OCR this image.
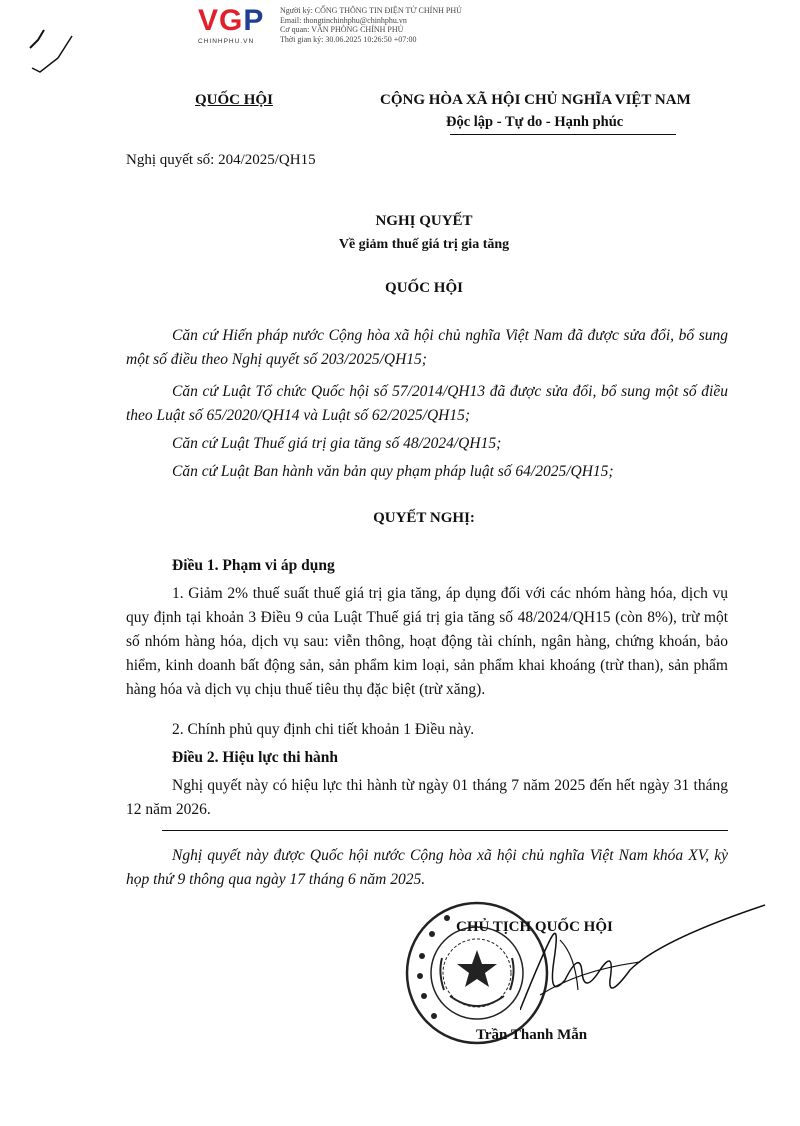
VGP
CHINHPHU.VN
Người ký: CỔNG THÔNG TIN ĐIỆN TỬ CHÍNH PHỦ
Email: thongtinchinhphu@chinhphu.vn
Cơ quan: VĂN PHÒNG CHÍNH PHỦ
Thời gian ký: 30.06.2025 10:26:50 +07:00
QUỐC HỘI	CỘNG HÒA XÃ HỘI CHỦ NGHĨA VIỆT NAM
Độc lập - Tự do - Hạnh phúc
Nghị quyết số: 204/2025/QH15
NGHỊ QUYẾT
Về giảm thuế giá trị gia tăng
QUỐC HỘI
Căn cứ Hiến pháp nước Cộng hòa xã hội chủ nghĩa Việt Nam đã được sửa đổi, bổ sung một số điều theo Nghị quyết số 203/2025/QH15;
Căn cứ Luật Tổ chức Quốc hội số 57/2014/QH13 đã được sửa đổi, bổ sung một số điều theo Luật số 65/2020/QH14 và Luật số 62/2025/QH15;
Căn cứ Luật Thuế giá trị gia tăng số 48/2024/QH15;
Căn cứ Luật Ban hành văn bản quy phạm pháp luật số 64/2025/QH15;
QUYẾT NGHỊ:
Điều 1. Phạm vi áp dụng
1. Giảm 2% thuế suất thuế giá trị gia tăng, áp dụng đối với các nhóm hàng hóa, dịch vụ quy định tại khoản 3 Điều 9 của Luật Thuế giá trị gia tăng số 48/2024/QH15 (còn 8%), trừ một số nhóm hàng hóa, dịch vụ sau: viễn thông, hoạt động tài chính, ngân hàng, chứng khoán, bảo hiểm, kinh doanh bất động sản, sản phẩm kim loại, sản phẩm khai khoáng (trừ than), sản phẩm hàng hóa và dịch vụ chịu thuế tiêu thụ đặc biệt (trừ xăng).
2. Chính phủ quy định chi tiết khoản 1 Điều này.
Điều 2. Hiệu lực thi hành
Nghị quyết này có hiệu lực thi hành từ ngày 01 tháng 7 năm 2025 đến hết ngày 31 tháng 12 năm 2026.
Nghị quyết này được Quốc hội nước Cộng hòa xã hội chủ nghĩa Việt Nam khóa XV, kỳ họp thứ 9 thông qua ngày 17 tháng 6 năm 2025.
CHỦ TỊCH QUỐC HỘI
Trần Thanh Mẫn
